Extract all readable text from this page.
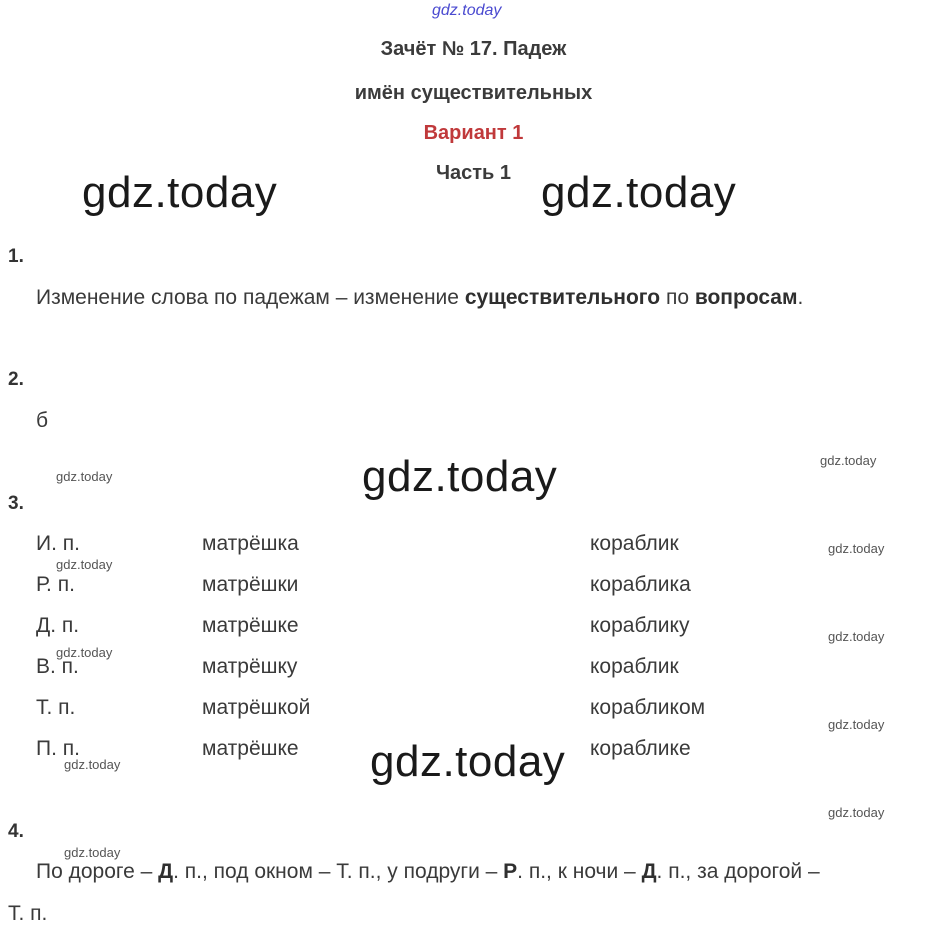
gdz.today
Зачёт № 17. Падеж
имён существительных
Вариант 1
Часть 1
gdz.today	gdz.today
gdz.today
gdz.today
gdz.today
gdz.today
gdz.today
gdz.today
gdz.today
gdz.today
gdz.today
gdz.today
gdz.today
gdz.today
1.
Изменение слова по падежам – изменение существительного по вопросам.
2.
б
3.
И. п.	матрёшка	кораблик
Р. п.	матрёшки	кораблика
Д. п.	матрёшке	кораблику
В. п.	матрёшку	кораблик
Т. п.	матрёшкой	корабликом
П. п.	матрёшке	кораблике
4.
По дороге – Д. п., под окном – Т. п., у подруги – Р. п., к ночи – Д. п., за дорогой –
Т. п.
